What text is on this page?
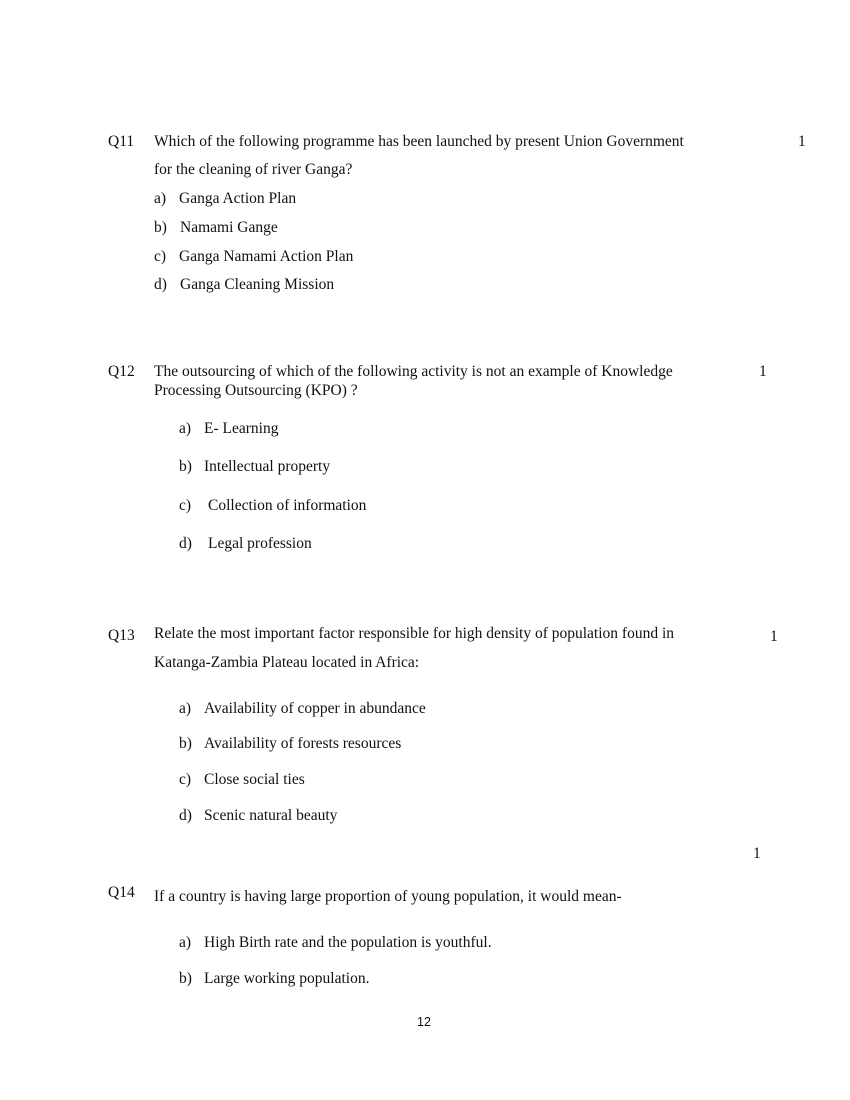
Q11 Which of the following programme has been launched by present Union Government
for the cleaning of river Ganga?
1
a) Ganga Action Plan
b) Namami Gange
c) Ganga Namami Action Plan
d) Ganga Cleaning Mission
Q12 The outsourcing of which of the following activity is not an example of Knowledge
Processing Outsourcing (KPO) ?
1
a) E- Learning
b) Intellectual property
c) Collection of information
d) Legal profession
Q13 Relate the most important factor responsible for high density of population found in
Katanga-Zambia Plateau located in Africa:
1
a) Availability of copper in abundance
b) Availability of forests resources
c) Close social ties
d) Scenic natural beauty
1
Q14 If a country is having large proportion of young population, it would mean-
a) High Birth rate and the population is youthful.
b) Large working population.
12
